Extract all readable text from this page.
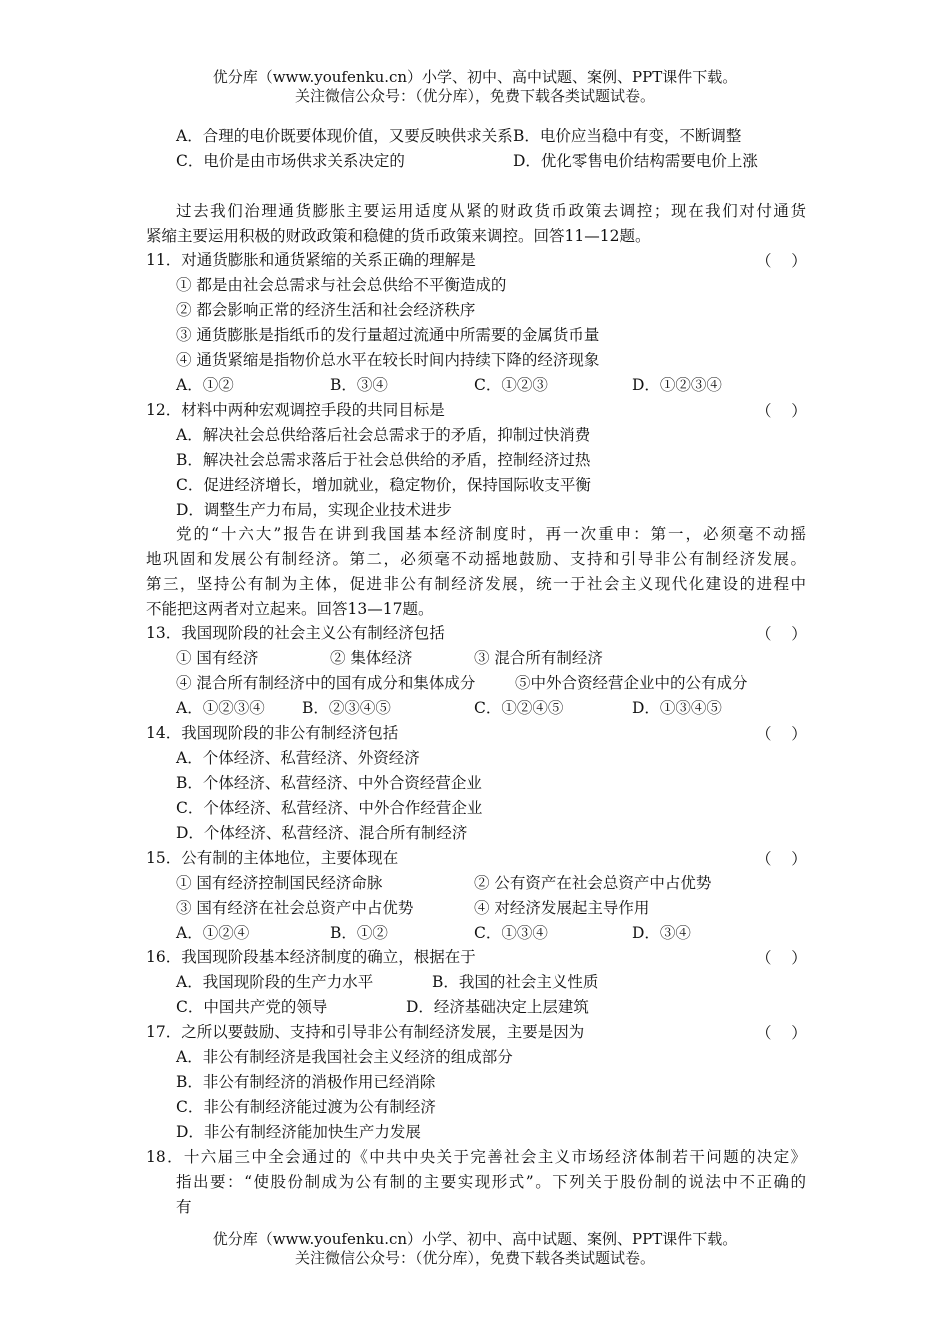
优分库（www.youfenku.cn）小学、初中、高中试题、案例、PPT课件下载。
关注微信公众号：（优分库），免费下载各类试题试卷。
A．合理的电价既要体现价值，又要反映供求关系 B．电价应当稳中有变，不断调整
C．电价是由市场供求关系决定的	D．优化零售电价结构需要电价上涨
过去我们治理通货膨胀主要运用适度从紧的财政货币政策去调控；现在我们对付通货
紧缩主要运用积极的财政政策和稳健的货币政策来调控。回答11—12题。
11．对通货膨胀和通货紧缩的关系正确的理解是	（    ）
① 都是由社会总需求与社会总供给不平衡造成的
② 都会影响正常的经济生活和社会经济秩序
③ 通货膨胀是指纸币的发行量超过流通中所需要的金属货币量
④ 通货紧缩是指物价总水平在较长时间内持续下降的经济现象
A．①②	B．③④	C．①②③	D．①②③④
12．材料中两种宏观调控手段的共同目标是	（    ）
A．解决社会总供给落后社会总需求于的矛盾，抑制过快消费
B．解决社会总需求落后于社会总供给的矛盾，控制经济过热
C．促进经济增长，增加就业，稳定物价，保持国际收支平衡
D．调整生产力布局，实现企业技术进步
党的“十六大”报告在讲到我国基本经济制度时，再一次重申：第一，必须毫不动摇
地巩固和发展公有制经济。第二，必须毫不动摇地鼓励、支持和引导非公有制经济发展。
第三，坚持公有制为主体，促进非公有制经济发展，统一于社会主义现代化建设的进程中
不能把这两者对立起来。回答13—17题。
13．我国现阶段的社会主义公有制经济包括	（    ）
① 国有经济	② 集体经济	③ 混合所有制经济
④ 混合所有制经济中的国有成分和集体成分	⑤中外合资经营企业中的公有成分
A．①②③④ B．②③④⑤	C．①②④⑤	D．①③④⑤
14．我国现阶段的非公有制经济包括	（    ）
A．个体经济、私营经济、外资经济
B．个体经济、私营经济、中外合资经营企业
C．个体经济、私营经济、中外合作经营企业
D．个体经济、私营经济、混合所有制经济
15．公有制的主体地位，主要体现在	（    ）
① 国有经济控制国民经济命脉	② 公有资产在社会总资产中占优势
③ 国有经济在社会总资产中占优势	④ 对经济发展起主导作用
A．①②④	B．①②	C．①③④	D．③④
16．我国现阶段基本经济制度的确立，根据在于	（    ）
A．我国现阶段的生产力水平	B．我国的社会主义性质
C．中国共产党的领导	D．经济基础决定上层建筑
17．之所以要鼓励、支持和引导非公有制经济发展，主要是因为	（    ）
A．非公有制经济是我国社会主义经济的组成部分
B．非公有制经济的消极作用已经消除
C．非公有制经济能过渡为公有制经济
D．非公有制经济能加快生产力发展
18．十六届三中全会通过的《中共中央关于完善社会主义市场经济体制若干问题的决定》
指出要：“使股份制成为公有制的主要实现形式”。下列关于股份制的说法中不正确的
有
优分库（www.youfenku.cn）小学、初中、高中试题、案例、PPT课件下载。
关注微信公众号：（优分库），免费下载各类试题试卷。
